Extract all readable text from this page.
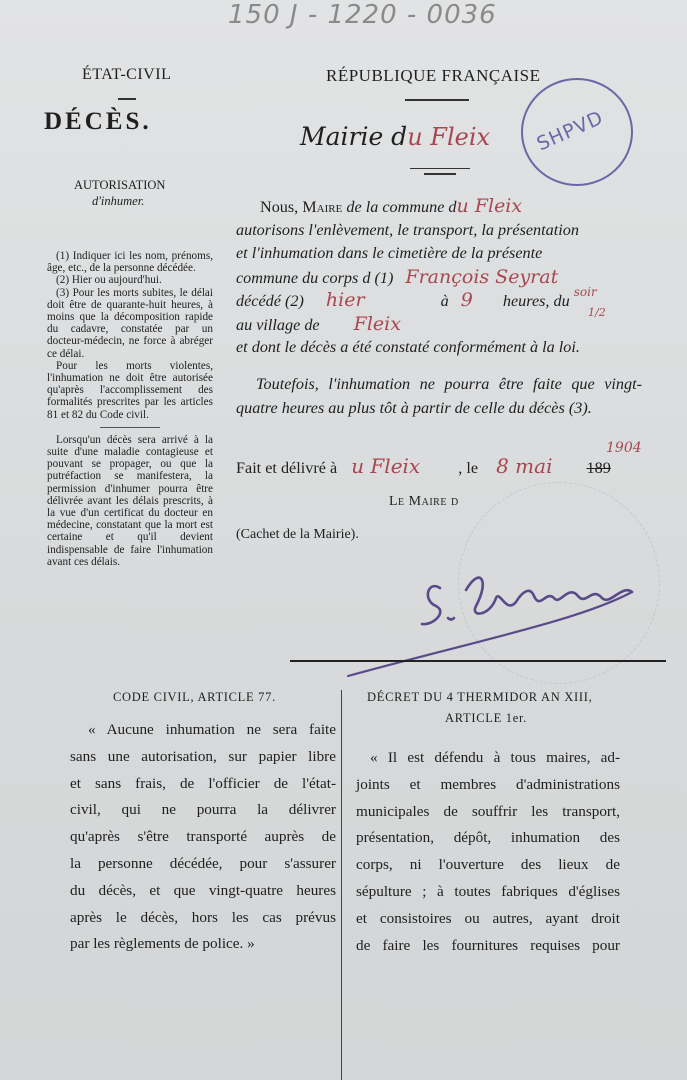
150 J - 1220 - 0036
ÉTAT-CIVIL
DÉCÈS.
AUTORISATION
d'inhumer.

(1) Indiquer ici les nom, prénoms, âge, etc., de la personne décédée.

(2) Hier ou aujourd'hui.

(3) Pour les morts subites, le délai doit être de quarante-huit heures, à moins que la décomposition rapide du cadavre, constatée par un docteur-médecin, ne force à abréger ce délai.

Pour les morts violentes, l'inhumation ne doit être autorisée qu'après l'accomplissement des formalités prescrites par les articles 81 et 82 du Code civil.

Lorsqu'un décès sera arrivé à la suite d'une maladie contagieuse et pouvant se propager, ou que la putréfaction se manifestera, la permission d'inhumer pourra être délivrée avant les délais prescrits, à la vue d'un certificat du docteur en médecine, constatant que la mort est certaine et qu'il devient indispensable de faire l'inhumation avant ces délais.

RÉPUBLIQUE FRANÇAISE
Mairie du Fleix SHPVD
Nous, Maire de la commune du Fleix
autorisons l'enlèvement, le transport, la présentation
et l'inhumation dans le cimetière de la présente
commune du corps d (1) François Seyrat
décédé (2) hier	à 9 heures, du $^{soir}$
1/2
au village de Fleix
et dont le décès a été constaté conformément à la loi.
Toutefois, l'inhumation ne pourra être faite que vingt-quatre heures au plus tôt à partir de celle du décès (3).
Fait et délivré à u Fleix , le 8 mai 189
1904
Le Maire d
(Cachet de la Mairie).
CODE CIVIL, ARTICLE 77.
« Aucune inhumation ne sera faite
sans une autorisation, sur papier libre
et sans frais, de l'officier de l'état-
civil, qui ne pourra la délivrer
qu'après s'être transporté auprès de
la personne décédée, pour s'assurer
du décès, et que vingt-quatre heures
après le décès, hors les cas prévus
par les règlements de police. »
DÉCRET DU 4 THERMIDOR AN XIII,
ARTICLE 1er.
« Il est défendu à tous maires, ad-
joints et membres d'administrations
municipales de souffrir les transport,
présentation, dépôt, inhumation des
corps, ni l'ouverture des lieux de
sépulture ; à toutes fabriques d'églises
et consistoires ou autres, ayant droit
de faire les fournitures requises pour
